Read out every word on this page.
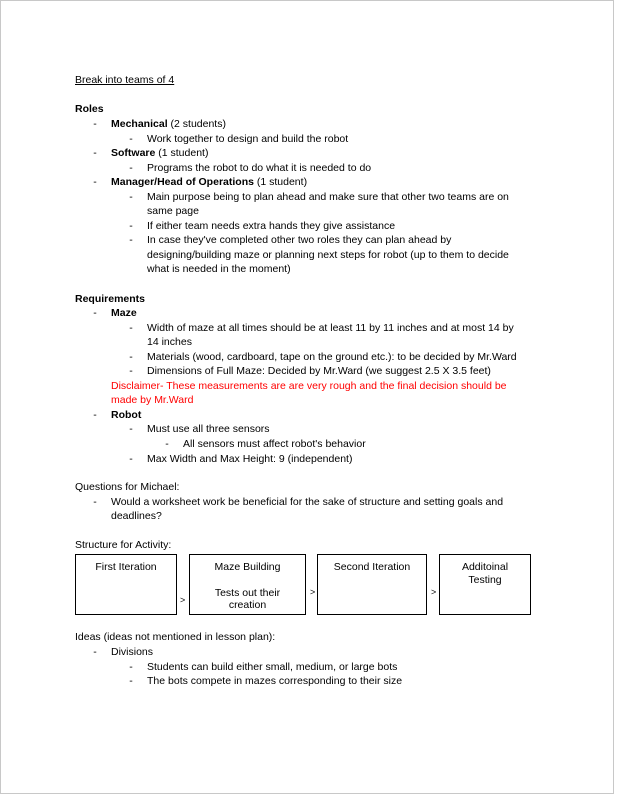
Break into teams of 4
Roles
- Mechanical (2 students)
- Work together to design and build the robot
- Software (1 student)
- Programs the robot to do what it is needed to do
- Manager/Head of Operations (1 student)
- Main purpose being to plan ahead and make sure that other two teams are on
same page
- If either team needs extra hands they give assistance
- In case they've completed other two roles they can plan ahead by
designing/building maze or planning next steps for robot (up to them to decide
what is needed in the moment)
Requirements
- Maze
- Width of maze at all times should be at least 11 by 11 inches and at most 14 by
14 inches
- Materials (wood, cardboard, tape on the ground etc.): to be decided by Mr.Ward
- Dimensions of Full Maze: Decided by Mr.Ward (we suggest 2.5 X 3.5 feet)
Disclaimer- These measurements are are very rough and the final decision should be
made by Mr.Ward
- Robot
- Must use all three sensors
- All sensors must affect robot's behavior
- Max Width and Max Height: 9 (independent)
Questions for Michael:
- Would a worksheet work be beneficial for the sake of structure and setting goals and
deadlines?
Structure for Activity:
First Iteration
>
Maze Building
Tests out their
creation
>
Second Iteration
>
Additoinal
Testing
Ideas (ideas not mentioned in lesson plan):
- Divisions
- Students can build either small, medium, or large bots
- The bots compete in mazes corresponding to their size
